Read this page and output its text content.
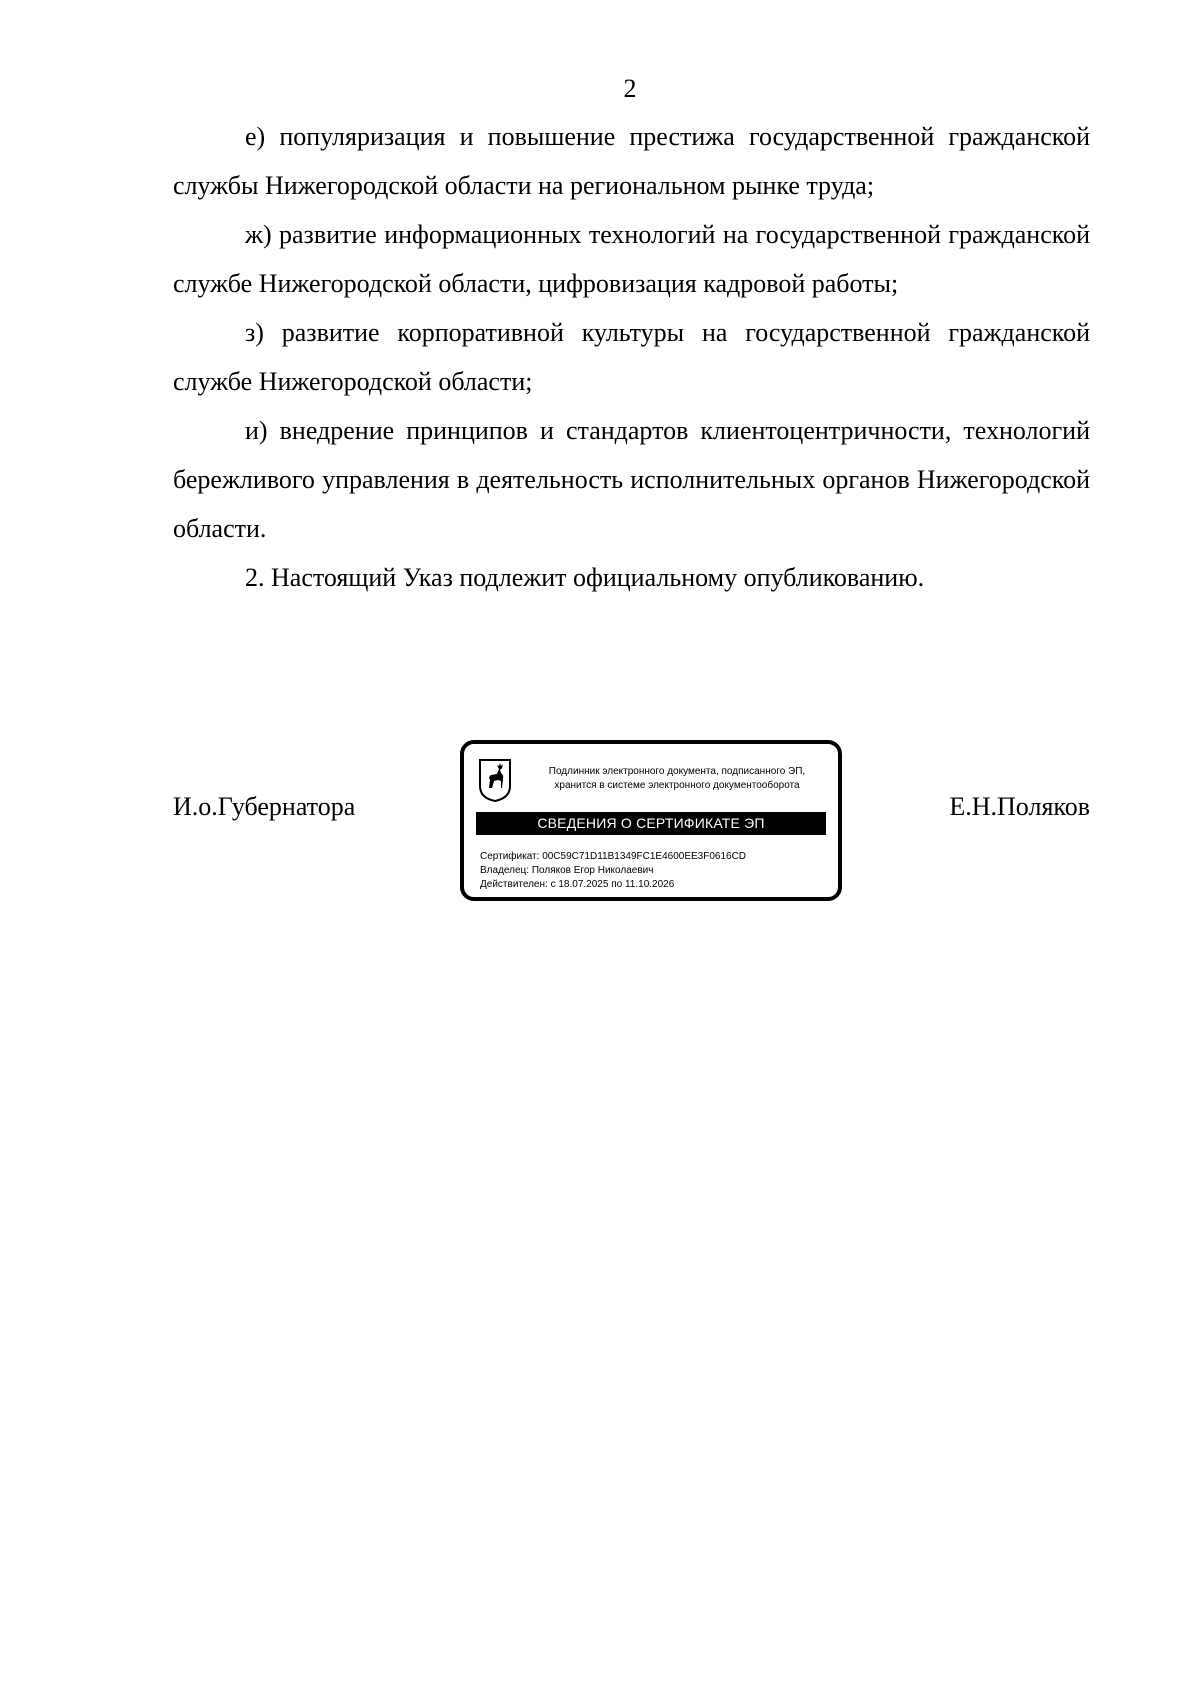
2

е) популяризация и повышение престижа государственной гражданской службы Нижегородской области на региональном рынке труда;

ж) развитие информационных технологий на государственной гражданской службе Нижегородской области, цифровизация кадровой работы;

з) развитие корпоративной культуры на государственной гражданской службе Нижегородской области;

и) внедрение принципов и стандартов клиентоцентричности, технологий бережливого управления в деятельность исполнительных органов Нижегородской области.

2. Настоящий Указ подлежит официальному опубликованию.

И.о.Губернатора
Подлинник электронного документа, подписанного ЭП,
хранится в системе электронного документооборота
СВЕДЕНИЯ О СЕРТИФИКАТЕ ЭП
Сертификат: 00C59C71D11B1349FC1E4600EE3F0616CD
Владелец: Поляков Егор Николаевич
Действителен: с 18.07.2025 по 11.10.2026
Е.Н.Поляков
